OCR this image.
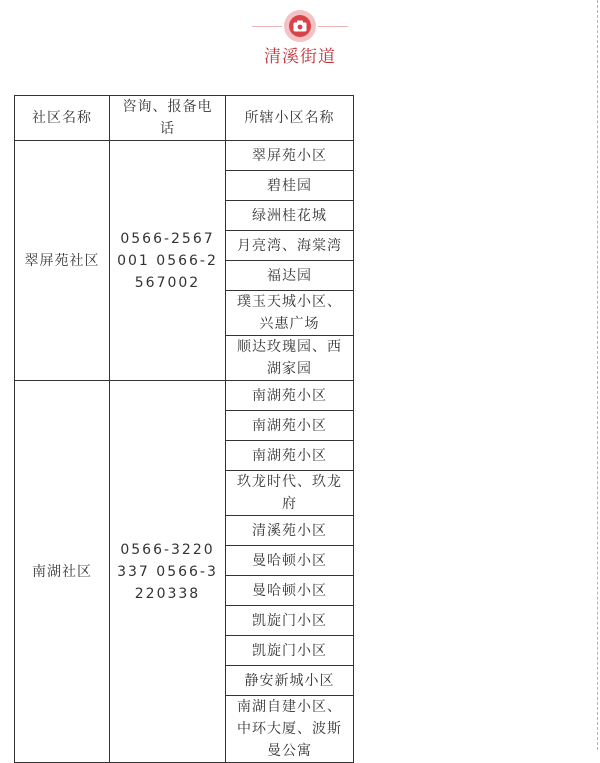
清溪街道
社区名称	咨询、报备电话	所辖小区名称
翠屏苑社区	0566-2567001 0566-2567002	翠屏苑小区
		碧桂园
		绿洲桂花城
		月亮湾、海棠湾
		福达园
		璞玉天城小区、兴惠广场
		顺达玫瑰园、西湖家园
南湖社区	0566-3220337 0566-3220338	南湖苑小区
		南湖苑小区
		南湖苑小区
		玖龙时代、玖龙府
		清溪苑小区
		曼哈顿小区
		曼哈顿小区
		凯旋门小区
		凯旋门小区
		静安新城小区
		南湖自建小区、中环大厦、波斯曼公寓
